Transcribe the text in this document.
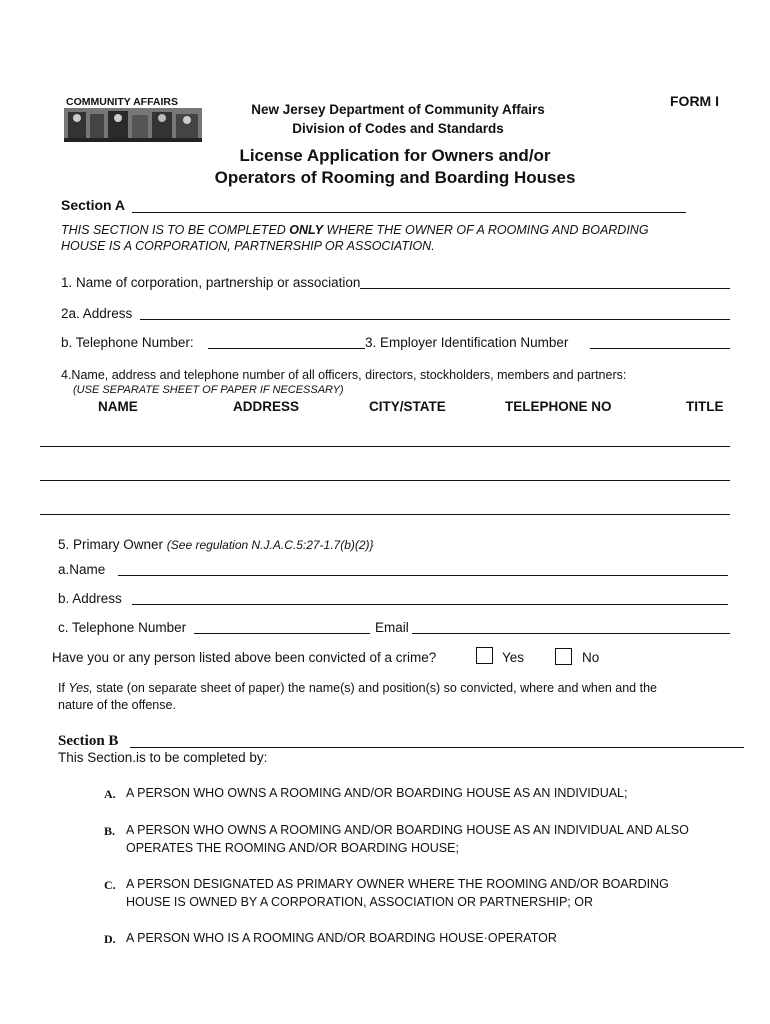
COMMUNITY AFFAIRS	New Jersey Department of Community Affairs
Division of Codes and Standards
FORM I
License Application for Owners and/or
Operators of Rooming and Boarding Houses
Section A
THIS SECTION IS TO BE COMPLETED ONLY WHERE THE OWNER OF A ROOMING AND BOARDING
HOUSE IS A CORPORATION, PARTNERSHIP OR ASSOCIATION.
1. Name of corporation, partnership or association
2a. Address
b. Telephone Number:	3. Employer Identification Number
4.Name, address and telephone number of all officers, directors, stockholders, members and partners:
(USE SEPARATE SHEET OF PAPER IF NECESSARY)
NAME	ADDRESS	CITY/STATE	TELEPHONE NO	TITLE
5. Primary Owner (See regulation N.J.A.C.5:27-1.7(b)(2)}
a.Name
b. Address
c. Telephone Number	Email
Have you or any person listed above been convicted of a crime?	Yes	No
If Yes, state (on separate sheet of paper) the name(s) and position(s) so convicted, where and when and the
nature of the offense.
Section B
This Section.is to be completed by:
A. A PERSON WHO OWNS A ROOMING AND/OR BOARDING HOUSE AS AN INDIVIDUAL;
B. A PERSON WHO OWNS A ROOMING AND/OR BOARDING HOUSE AS AN INDIVIDUAL AND ALSO
OPERATES THE ROOMING AND/OR BOARDING HOUSE;
C. A PERSON DESIGNATED AS PRIMARY OWNER WHERE THE ROOMING AND/OR BOARDING
HOUSE IS OWNED BY A CORPORATION, ASSOCIATION OR PARTNERSHIP; OR
D. A PERSON WHO IS A ROOMING AND/OR BOARDING HOUSE·OPERATOR
